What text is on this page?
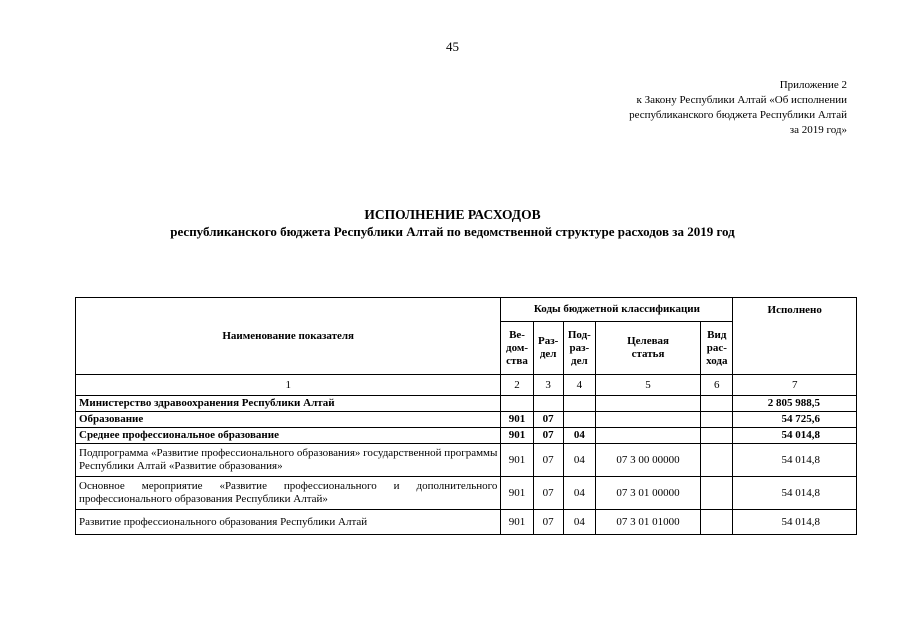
45
Приложение 2
к Закону Республики Алтай «Об исполнении
республиканского бюджета Республики Алтай
за 2019 год»
ИСПОЛНЕНИЕ РАСХОДОВ
республиканского бюджета Республики Алтай по ведомственной структуре расходов за 2019 год
Наименование показателя	Коды бюджетной классификации					Исполнено
	Ве-
дом-
ства	Раз-
дел	Под-
раз-
дел	Целевая
статья	Вид
рас-
хода	
1	2	3	4	5	6	7
Министерство здравоохранения Республики Алтай						2 805 988,5
Образование	901	07				54 725,6
Среднее профессиональное образование	901	07	04			54 014,8
Подпрограмма «Развитие профессионального образования» государственной программы Республики Алтай «Развитие образования»	901	07	04	07 3 00 00000		54 014,8
Основное мероприятие «Развитие профессионального и дополнительного профессионального образования Республики Алтай»	901	07	04	07 3 01 00000		54 014,8
Развитие профессионального образования Республики Алтай	901	07	04	07 3 01 01000		54 014,8
